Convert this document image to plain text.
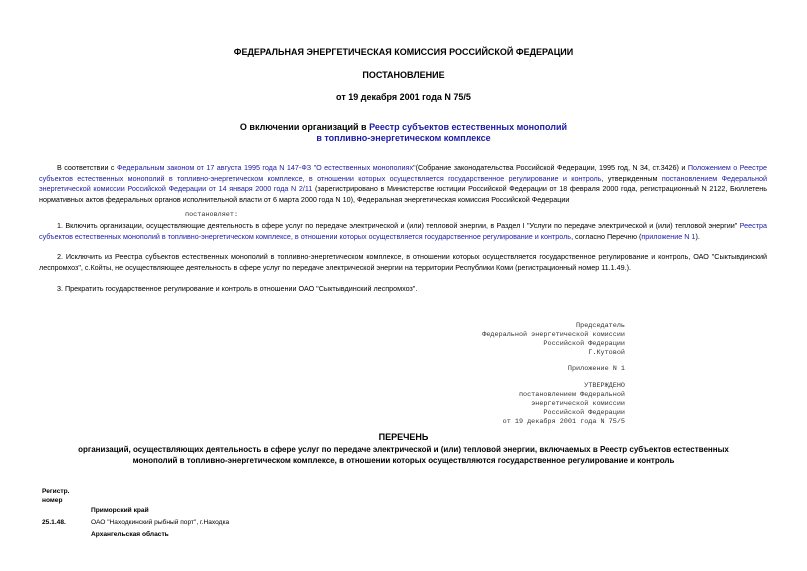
ФЕДЕРАЛЬНАЯ ЭНЕРГЕТИЧЕСКАЯ КОМИССИЯ РОССИЙСКОЙ ФЕДЕРАЦИИ
ПОСТАНОВЛЕНИЕ
от 19 декабря 2001 года N 75/5
О включении организаций в Реестр субъектов естественных монополий
в топливно-энергетическом комплексе
В соответствии с Федеральным законом от 17 августа 1995 года N 147-ФЗ "О естественных монополиях"(Собрание законодательства Российской Федерации, 1995 год, N 34, ст.3426) и Положением о Реестре субъектов естественных монополий в топливно-энергетическом комплексе, в отношении которых осуществляется государственное регулирование и контроль, утвержденным постановлением Федеральной энергетической комиссии Российской Федерации от 14 января 2000 года N 2/11 (зарегистрировано в Министерстве юстиции Российской Федерации от 18 февраля 2000 года, регистрационный N 2122, Бюллетень нормативных актов федеральных органов исполнительной власти от 6 марта 2000 года N 10), Федеральная энергетическая комиссия Российской Федерации
постановляет:
1. Включить организации, осуществляющие деятельность в сфере услуг по передаче электрической и (или) тепловой энергии, в Раздел I "Услуги по передаче электрической и (или) тепловой энергии" Реестра субъектов естественных монополий в топливно-энергетическом комплексе, в отношении которых осуществляется государственное регулирование и контроль, согласно Перечню (приложение N 1).
2. Исключить из Реестра субъектов естественных монополий в топливно-энергетическом комплексе, в отношении которых осуществляется государственное регулирование и контроль, ОАО "Сыктывдинский леспромхоз", с.Койты, не осуществляющее деятельность в сфере услуг по передаче электрической энергии на территории Республики Коми (регистрационный номер 11.1.49.).
3. Прекратить государственное регулирование и контроль в отношении ОАО "Сыктывдинский леспромхоз".
Председатель
Федеральной энергетической комиссии
Российской Федерации
Г.Кутовой
Приложение N 1
УТВЕРЖДЕНО
постановлением Федеральной
энергетической комиссии
Российской Федерации
от 19 декабря 2001 года N 75/5
ПЕРЕЧЕНЬ
организаций, осуществляющих деятельность в сфере услуг по передаче электрической и (или) тепловой энергии, включаемых в Реестр субъектов естественных
монополий в топливно-энергетическом комплексе, в отношении которых осуществляются государственное регулирование и контроль
Регистр.
номер
Приморский край
25.1.48.	ОАО "Находкинский рыбный порт", г.Находка
Архангельская область
